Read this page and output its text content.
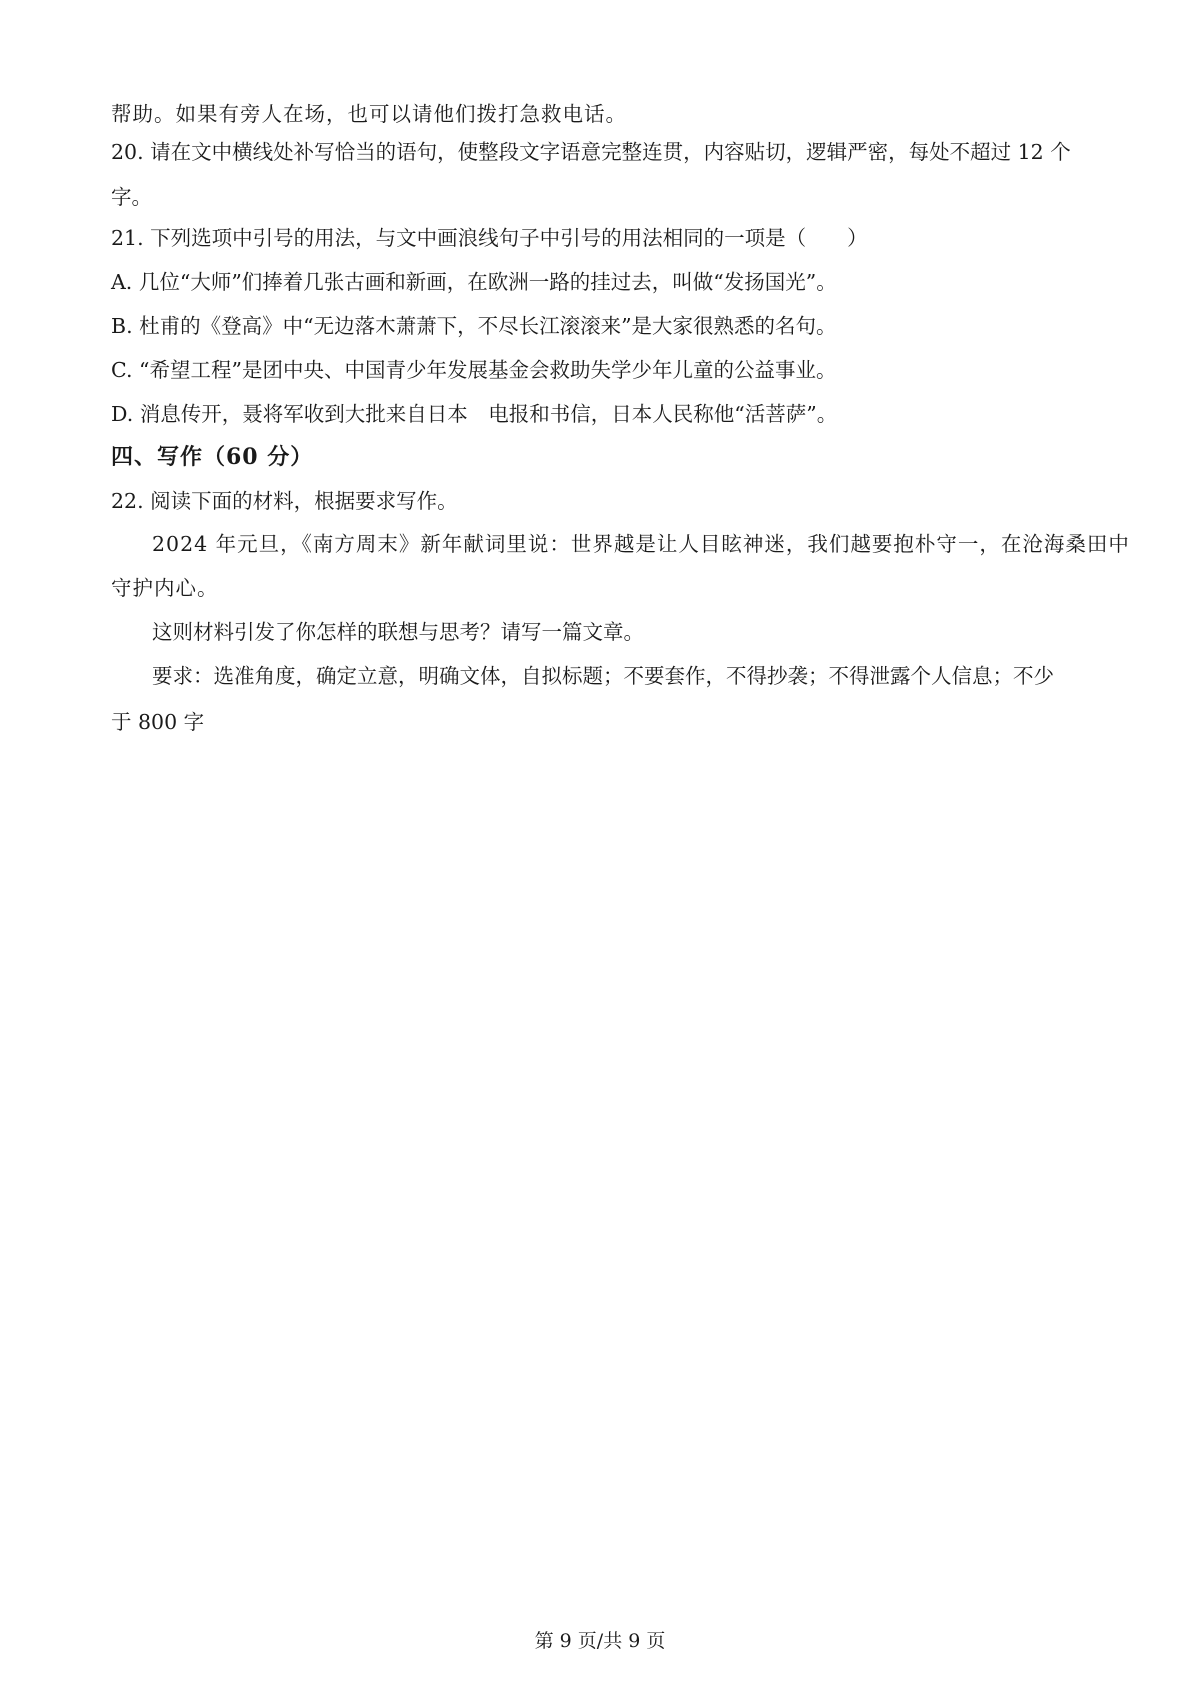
帮助。如果有旁人在场，也可以请他们拨打急救电话。
20. 请在文中横线处补写恰当的语句，使整段文字语意完整连贯，内容贴切，逻辑严密，每处不超过 12 个
字。
21. 下列选项中引号的用法，与文中画浪线句子中引号的用法相同的一项是（　　）
A. 几位“大师”们捧着几张古画和新画，在欧洲一路的挂过去，叫做“发扬国光”。
B. 杜甫的《登高》中“无边落木萧萧下，不尽长江滚滚来”是大家很熟悉的名句。
C. “希望工程”是团中央、中国青少年发展基金会救助失学少年儿童的公益事业。
D. 消息传开，聂将军收到大批来自日本　电报和书信，日本人民称他“活菩萨”。
四、写作（60 分）
22. 阅读下面的材料，根据要求写作。
2024 年元旦，《南方周末》新年献词里说：世界越是让人目眩神迷，我们越要抱朴守一，在沧海桑田中
守护内心。
这则材料引发了你怎样的联想与思考？请写一篇文章。
要求：选准角度，确定立意，明确文体，自拟标题；不要套作，不得抄袭；不得泄露个人信息；不少
于 800 字
第 9 页/共 9 页
